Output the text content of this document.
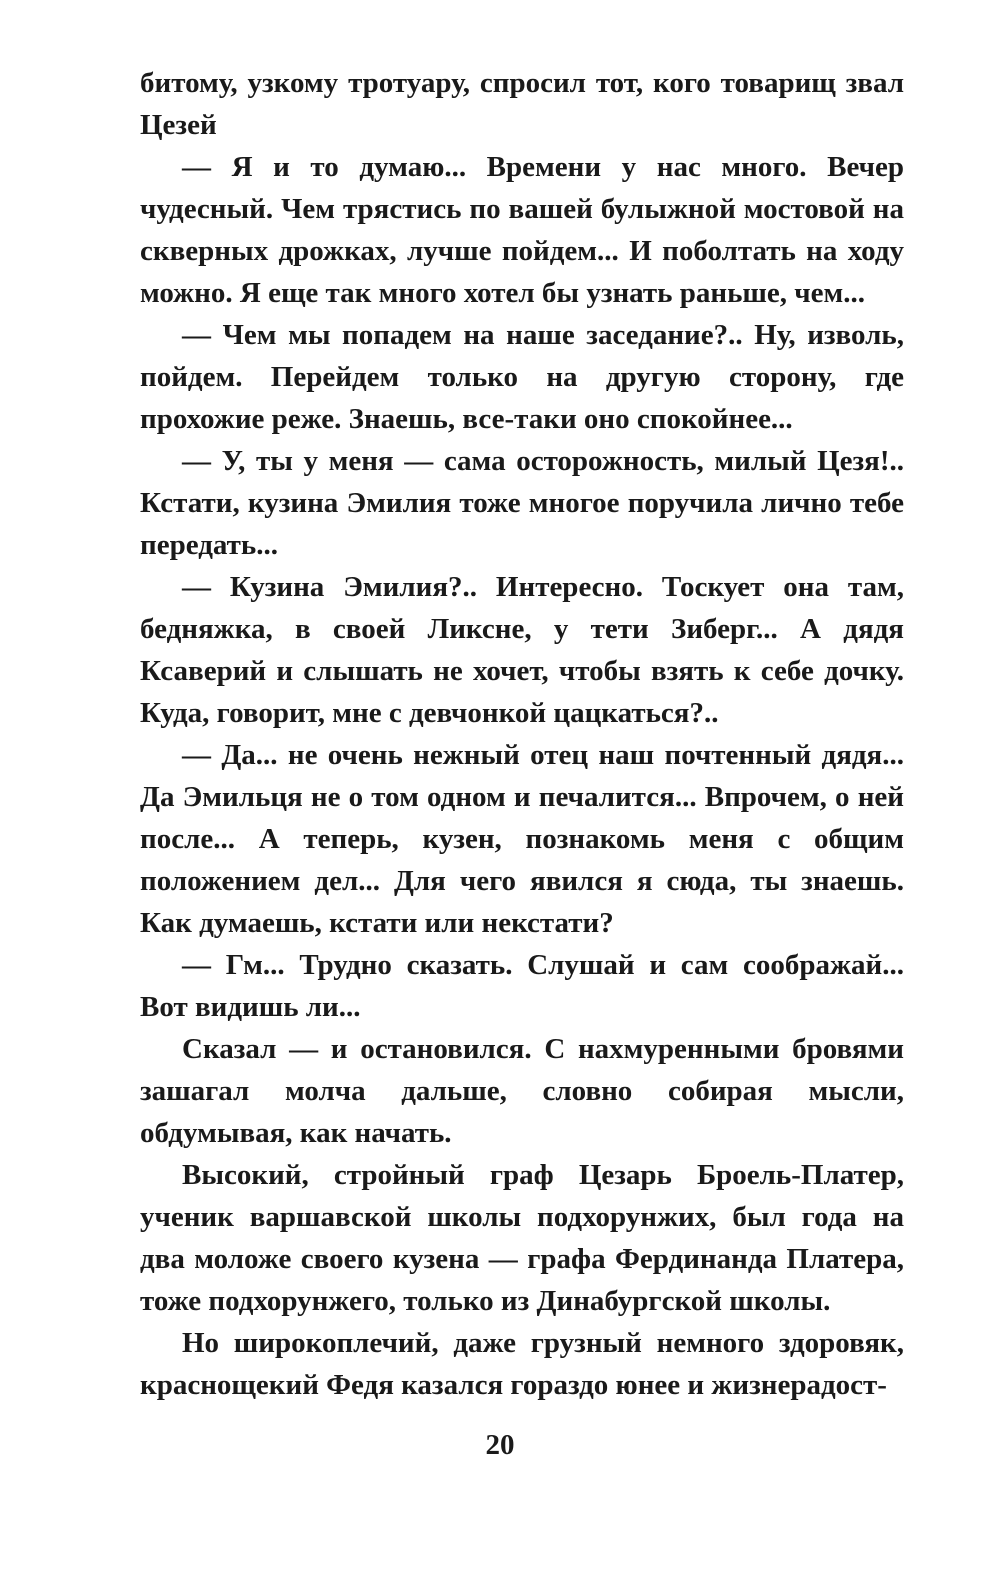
битому, узкому тротуару, спросил тот, кого товарищ звал Цезей

— Я и то думаю... Времени у нас много. Вечер чудесный. Чем трястись по вашей булыжной мостовой на скверных дрожках, лучше пойдем... И поболтать на ходу можно. Я еще так много хотел бы узнать раньше, чем...

— Чем мы попадем на наше заседание?.. Ну, изволь, пойдем. Перейдем только на другую сторону, где прохожие реже. Знаешь, все-таки оно спокойнее...

— У, ты у меня — сама осторожность, милый Цезя!.. Кстати, кузина Эмилия тоже многое поручила лично тебе передать...

— Кузина Эмилия?.. Интересно. Тоскует она там, бедняжка, в своей Ликсне, у тети Зиберг... А дядя Ксаверий и слышать не хочет, чтобы взять к себе дочку. Куда, говорит, мне с девчонкой цацкаться?..

— Да... не очень нежный отец наш почтенный дядя... Да Эмильця не о том одном и печалится... Впрочем, о ней после... А теперь, кузен, познакомь меня с общим положением дел... Для чего явился я сюда, ты знаешь. Как думаешь, кстати или некстати?

— Гм... Трудно сказать. Слушай и сам соображай... Вот видишь ли...

Сказал — и остановился. С нахмуренными бровями зашагал молча дальше, словно собирая мысли, обдумывая, как начать.

Высокий, стройный граф Цезарь Броель-Платер, ученик варшавской школы подхорунжих, был года на два моложе своего кузена — графа Фердинанда Платера, тоже подхорунжего, только из Динабургской школы.

Но широкоплечий, даже грузный немного здоровяк, краснощекий Федя казался гораздо юнее и жизнерадост-

20
